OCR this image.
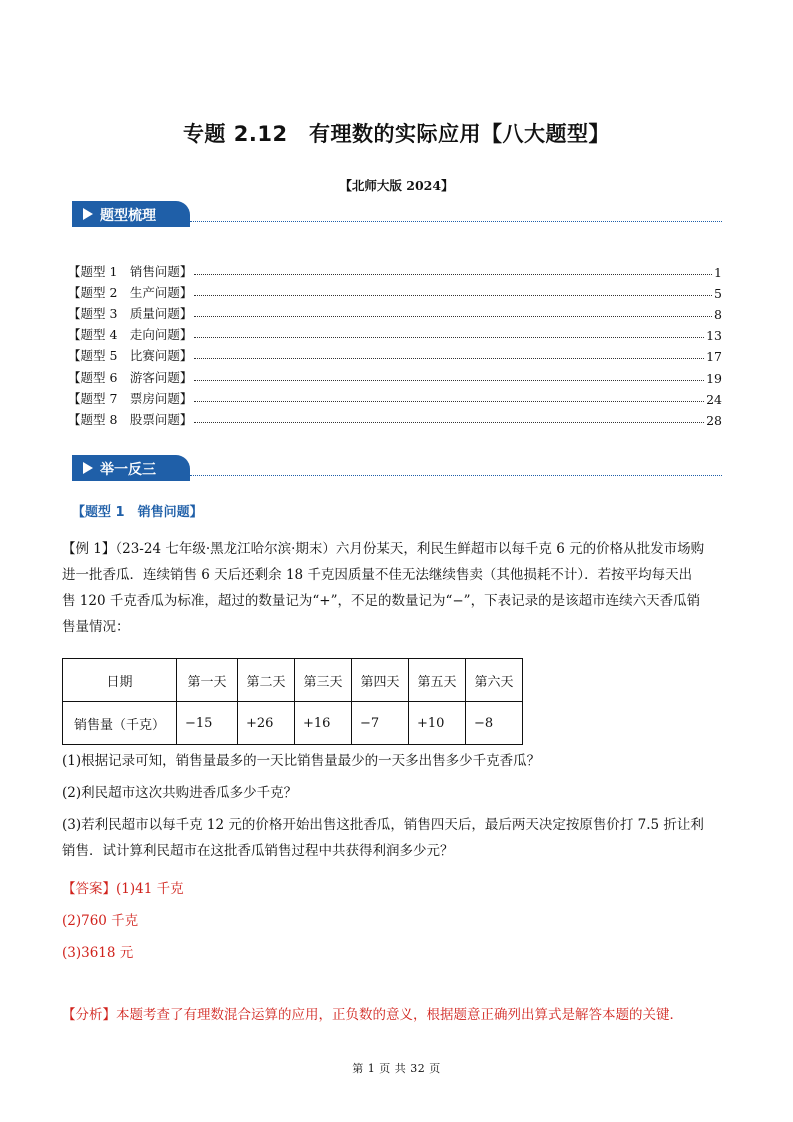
专题 2.12　有理数的实际应用【八大题型】
【北师大版 2024】
题型梳理
【题型 1　销售问题】	1
【题型 2　生产问题】	5
【题型 3　质量问题】	8
【题型 4　走向问题】	13
【题型 5　比赛问题】	17
【题型 6　游客问题】	19
【题型 7　票房问题】	24
【题型 8　股票问题】	28
举一反三
【题型 1　销售问题】
【例 1】（23-24 七年级·黑龙江哈尔滨·期末）六月份某天，利民生鲜超市以每千克 6 元的价格从批发市场购
进一批香瓜．连续销售 6 天后还剩余 18 千克因质量不佳无法继续售卖（其他损耗不计）．若按平均每天出
售 120 千克香瓜为标准，超过的数量记为“+”，不足的数量记为“−”，下表记录的是该超市连续六天香瓜销
售量情况：
日期	第一天	第二天	第三天	第四天	第五天	第六天
销售量（千克）	−15	+26	+16	−7	+10	−8
(1)根据记录可知，销售量最多的一天比销售量最少的一天多出售多少千克香瓜？
(2)利民超市这次共购进香瓜多少千克？
(3)若利民超市以每千克 12 元的价格开始出售这批香瓜，销售四天后，最后两天决定按原售价打 7.5 折让利
销售．试计算利民超市在这批香瓜销售过程中共获得利润多少元？
【答案】(1)41 千克
(2)760 千克
(3)3618 元
【分析】本题考查了有理数混合运算的应用，正负数的意义，根据题意正确列出算式是解答本题的关键．
第 1 页 共 32 页
